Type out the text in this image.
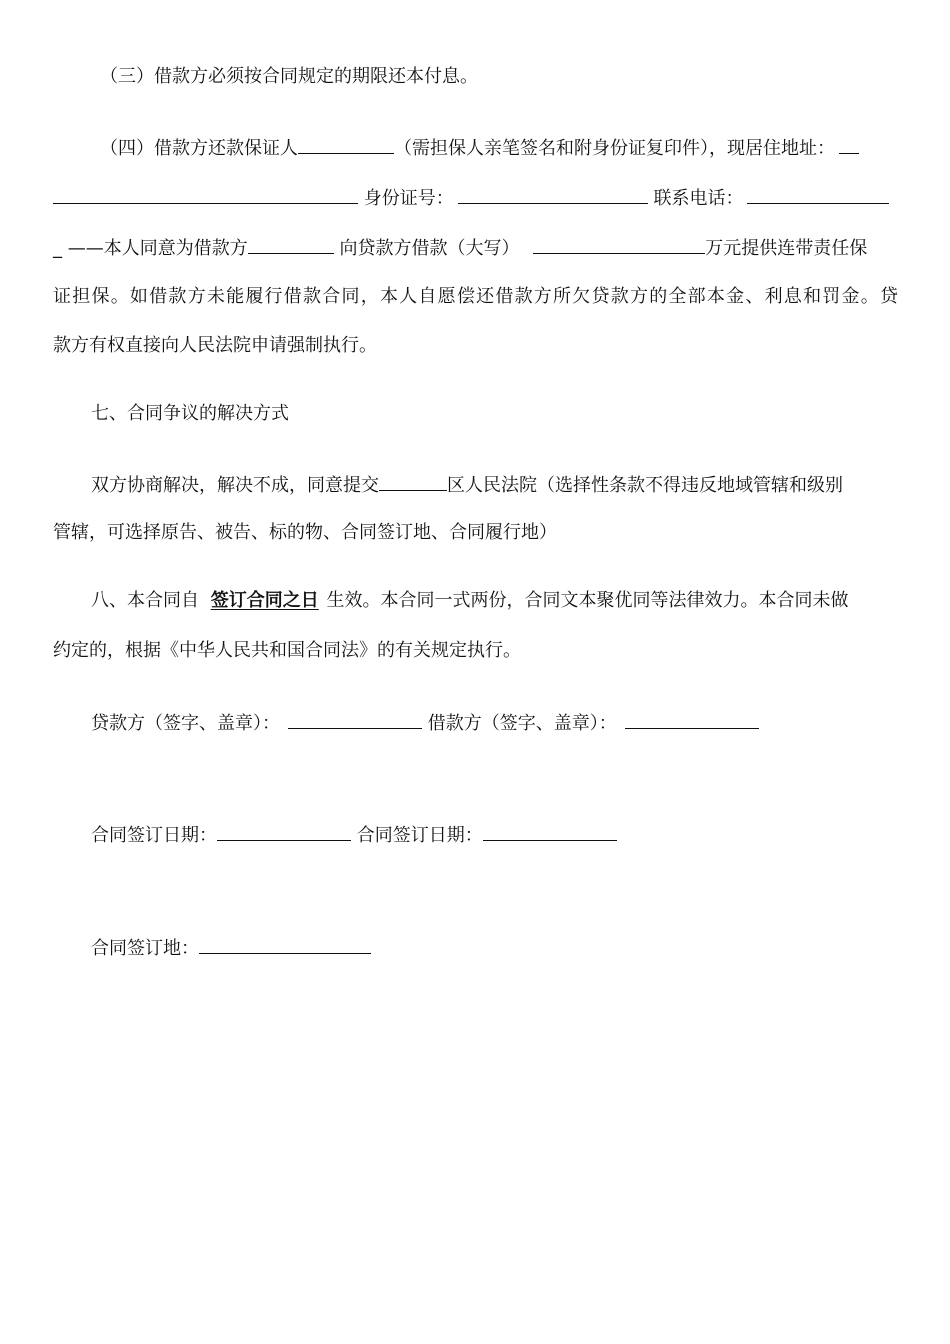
（三）借款方必须按合同规定的期限还本付息。
（四）借款方还款保证人	（需担保人亲笔签名和附身份证复印件），现居住地址：
身份证号：	联系电话：
_ ——本人同意为借款方	向贷款方借款（大写）	万元提供连带责任保
证担保。如借款方未能履行借款合同，本人自愿偿还借款方所欠贷款方的全部本金、利息和罚金。贷
款方有权直接向人民法院申请强制执行。
七、合同争议的解决方式
双方协商解决，解决不成，同意提交	区人民法院（选择性条款不得违反地域管辖和级别
管辖，可选择原告、被告、标的物、合同签订地、合同履行地）
八、本合同自 签订合同之日 生效。本合同一式两份，合同文本聚优同等法律效力。本合同未做
约定的，根据《中华人民共和国合同法》的有关规定执行。
贷款方（签字、盖章）：	借款方（签字、盖章）：
合同签订日期：	合同签订日期：
合同签订地：
